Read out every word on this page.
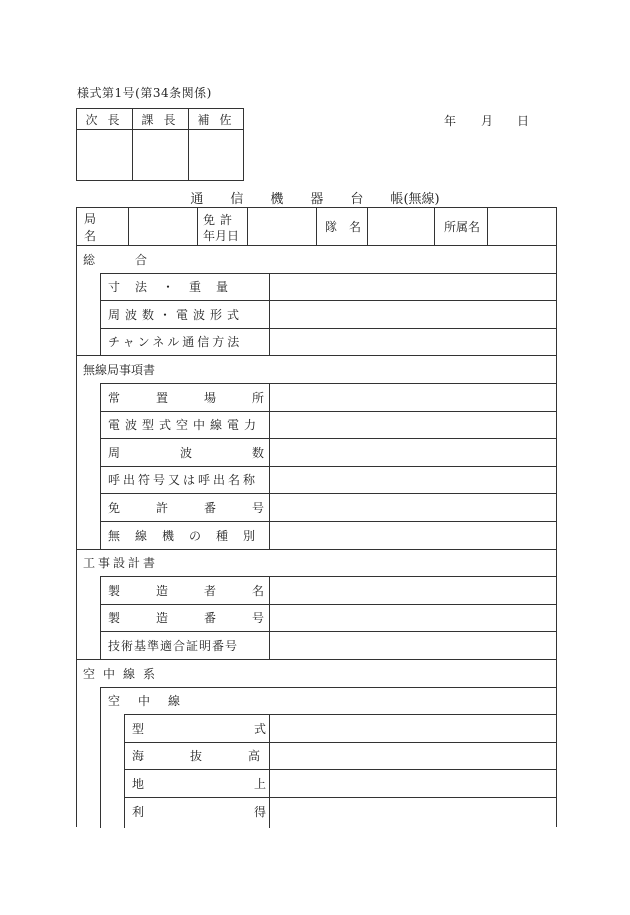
様式第1号(第34条関係)
年 月 日
次長 課長 補佐
通信機器台帳(無線)
局名
免許
年月日
隊名	所属名
総合
寸法・重量
周波数・電波形式
チャンネル通信方法
無線局事項書
常置場所
電波型式空中線電力
周波数
呼出符号又は呼出名称
免許番号
無線機の種別
工事設計書
製造者名
製造番号
技術基準適合証明番号
空中線系
空中線
型式
海抜高
地上
利得
